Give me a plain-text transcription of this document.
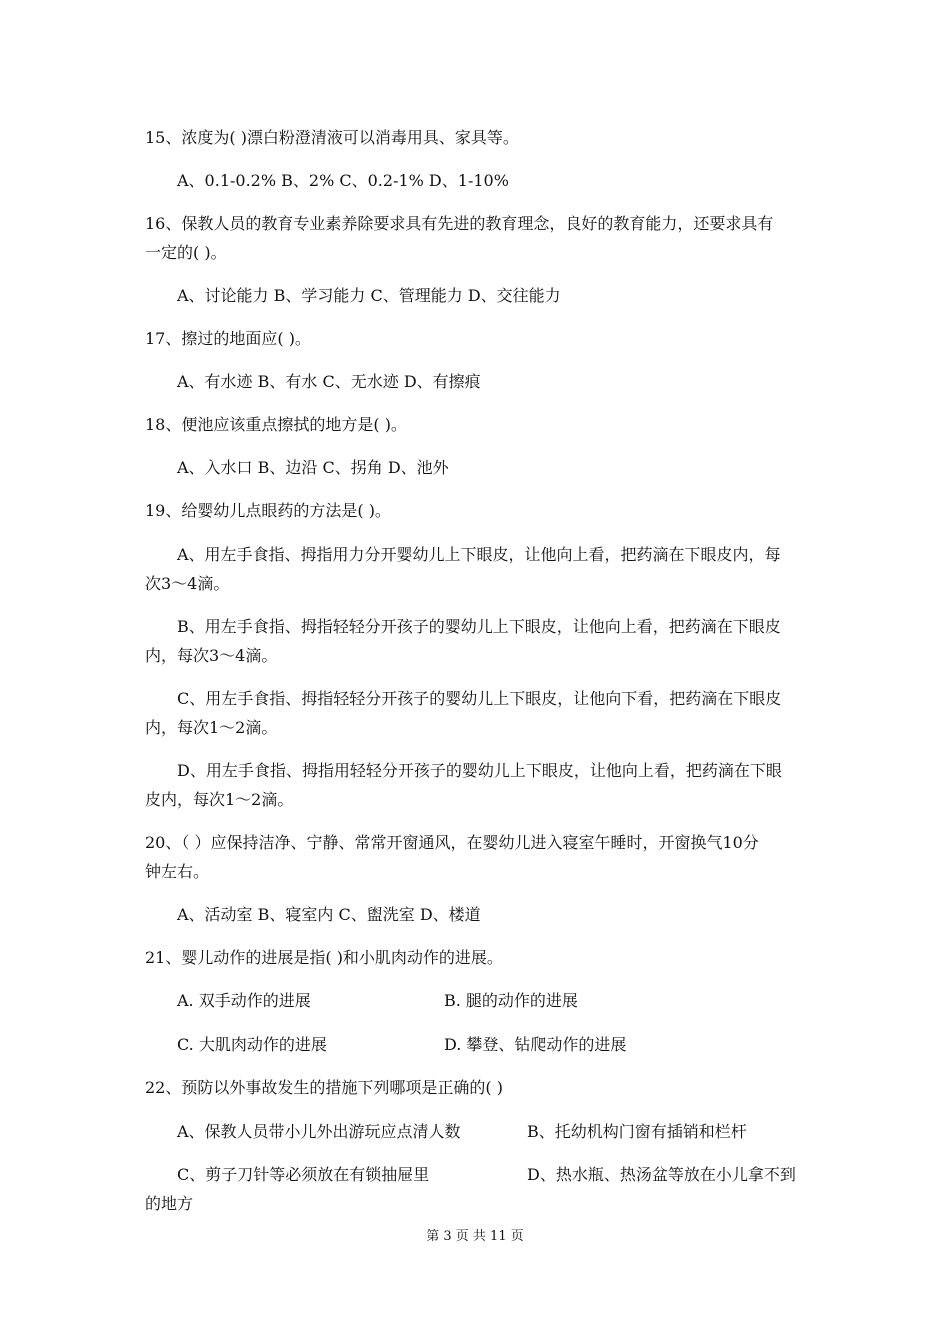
15、浓度为( )漂白粉澄清液可以消毒用具、家具等。
A、0.1-0.2% B、2% C、0.2-1% D、1-10%
16、保教人员的教育专业素养除要求具有先进的教育理念，良好的教育能力，还要求具有
一定的( )。
A、讨论能力 B、学习能力 C、管理能力 D、交往能力
17、擦过的地面应( )。
A、有水迹 B、有水 C、无水迹 D、有擦痕
18、便池应该重点擦拭的地方是( )。
A、入水口 B、边沿 C、拐角 D、池外
19、给婴幼儿点眼药的方法是( )。
A、用左手食指、拇指用力分开婴幼儿上下眼皮，让他向上看，把药滴在下眼皮内，每
次3～4滴。
B、用左手食指、拇指轻轻分开孩子的婴幼儿上下眼皮，让他向上看，把药滴在下眼皮
内，每次3～4滴。
C、用左手食指、拇指轻轻分开孩子的婴幼儿上下眼皮，让他向下看，把药滴在下眼皮
内，每次1～2滴。
D、用左手食指、拇指用轻轻分开孩子的婴幼儿上下眼皮，让他向上看，把药滴在下眼
皮内，每次1～2滴。
20、（ ）应保持洁净、宁静、常常开窗通风，在婴幼儿进入寝室午睡时，开窗换气10分
钟左右。
A、活动室 B、寝室内 C、盥洗室 D、楼道
21、婴儿动作的进展是指( )和小肌肉动作的进展。
A. 双手动作的进展	B. 腿的动作的进展
C. 大肌肉动作的进展	D. 攀登、钻爬动作的进展
22、预防以外事故发生的措施下列哪项是正确的( )
A、保教人员带小儿外出游玩应点清人数	B、托幼机构门窗有插销和栏杆
C、剪子刀针等必须放在有锁抽屉里	D、热水瓶、热汤盆等放在小儿拿不到
的地方
第 3 页 共 11 页
